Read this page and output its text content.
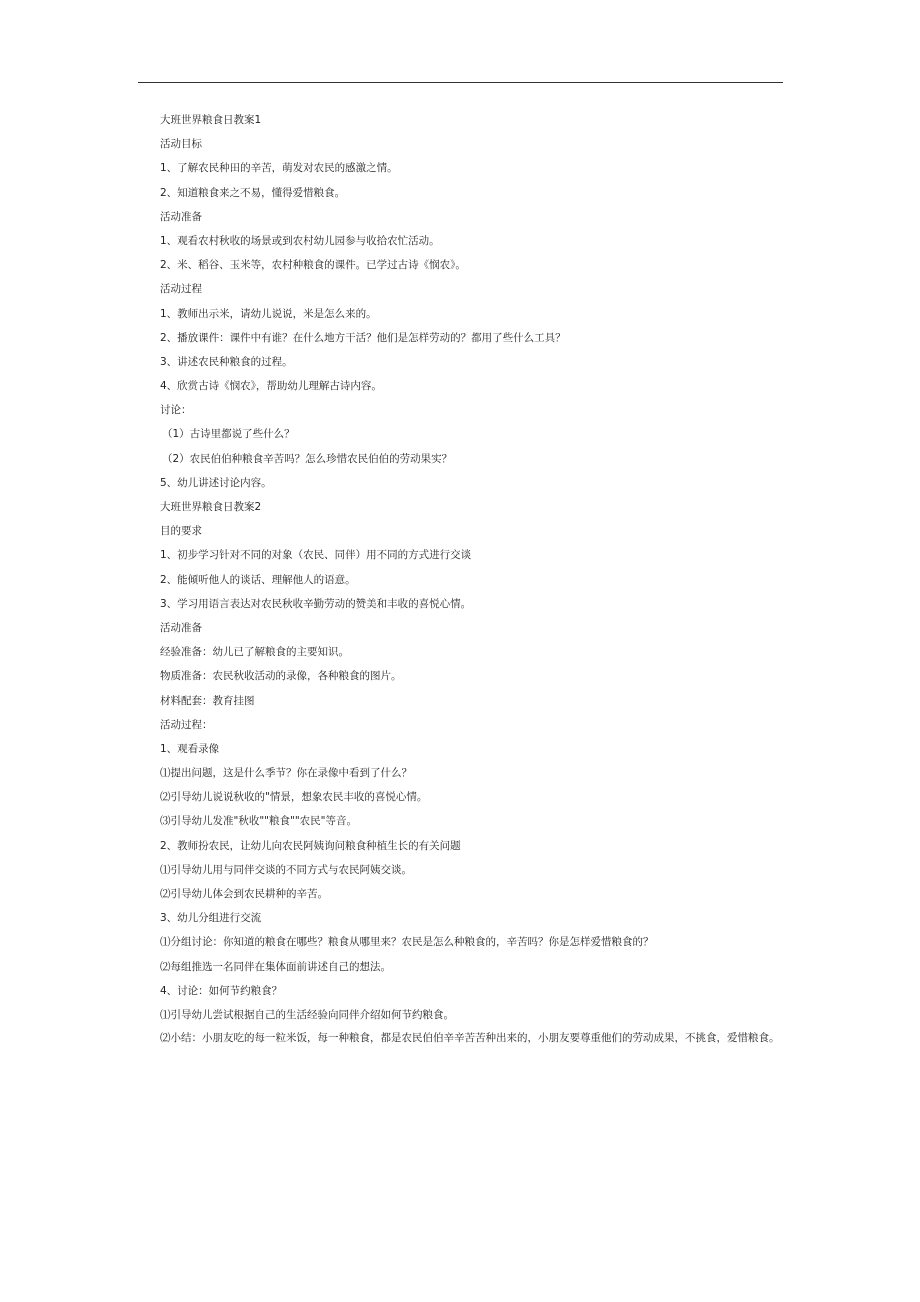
大班世界粮食日教案1
活动目标
1、了解农民种田的辛苦，萌发对农民的感激之情。
2、知道粮食来之不易，懂得爱惜粮食。
活动准备
1、观看农村秋收的场景或到农村幼儿园参与收拾农忙活动。
2、米、稻谷、玉米等，农村种粮食的课件。已学过古诗《悯农》。
活动过程
1、教师出示米，请幼儿说说，米是怎么来的。
2、播放课件：课件中有谁？在什么地方干活？他们是怎样劳动的？都用了些什么工具？
3、讲述农民种粮食的过程。
4、欣赏古诗《悯农》，帮助幼儿理解古诗内容。
讨论：
（1）古诗里都说了些什么？
（2）农民伯伯种粮食辛苦吗？怎么珍惜农民伯伯的劳动果实？
5、幼儿讲述讨论内容。
大班世界粮食日教案2
目的要求
1、初步学习针对不同的对象（农民、同伴）用不同的方式进行交谈
2、能倾听他人的谈话、理解他人的语意。
3、学习用语言表达对农民秋收辛勤劳动的赞美和丰收的喜悦心情。
活动准备
经验准备：幼儿已了解粮食的主要知识。
物质准备：农民秋收活动的录像，各种粮食的图片。
材料配套：教育挂图
活动过程：
1、观看录像
⑴提出问题，这是什么季节？你在录像中看到了什么？
⑵引导幼儿说说秋收的"情景，想象农民丰收的喜悦心情。
⑶引导幼儿发准"秋收""粮食""农民"等音。
2、教师扮农民，让幼儿向农民阿姨询问粮食种植生长的有关问题
⑴引导幼儿用与同伴交谈的不同方式与农民阿姨交谈。
⑵引导幼儿体会到农民耕种的辛苦。
3、幼儿分组进行交流
⑴分组讨论：你知道的粮食在哪些？粮食从哪里来？农民是怎么种粮食的，辛苦吗？你是怎样爱惜粮食的？
⑵每组推选一名同伴在集体面前讲述自己的想法。
4、讨论：如何节约粮食？
⑴引导幼儿尝试根据自己的生活经验向同伴介绍如何节约粮食。
⑵小结：小朋友吃的每一粒米饭，每一种粮食，都是农民伯伯辛辛苦苦种出来的，小朋友要尊重他们的劳动成果，不挑食，爱惜粮食。
